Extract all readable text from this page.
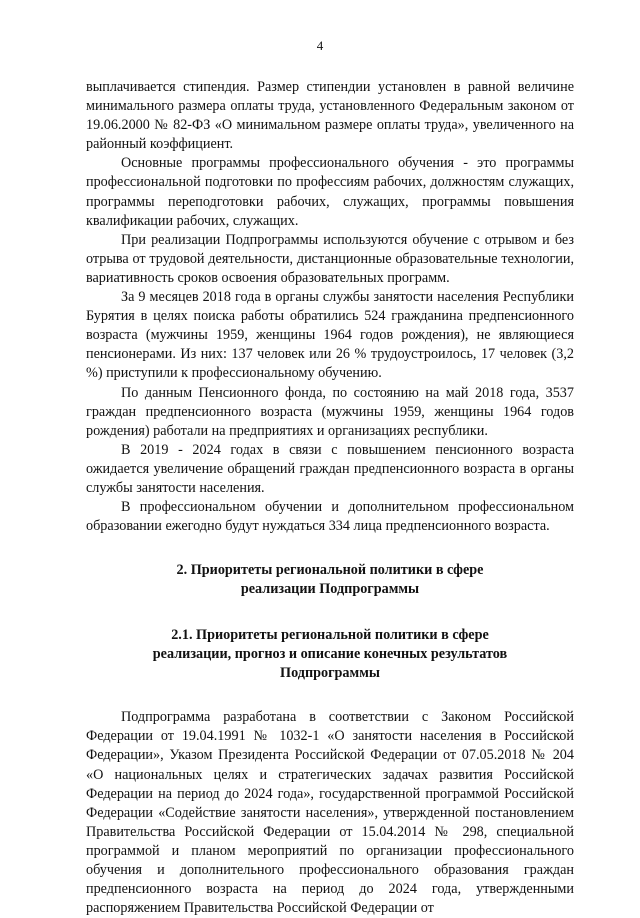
4

выплачивается стипендия. Размер стипендии установлен в равной величине минимального размера оплаты труда, установленного Федеральным законом от 19.06.2000 № 82-ФЗ «О минимальном размере оплаты труда», увеличенного на районный коэффициент.

Основные программы профессионального обучения - это программы профессиональной подготовки по профессиям рабочих, должностям служащих, программы переподготовки рабочих, служащих, программы повышения квалификации рабочих, служащих.

При реализации Подпрограммы используются обучение с отрывом и без отрыва от трудовой деятельности, дистанционные образовательные технологии, вариативность сроков освоения образовательных программ.

За 9 месяцев 2018 года в органы службы занятости населения Республики Бурятия в целях поиска работы обратились 524 гражданина предпенсионного возраста (мужчины 1959, женщины 1964 годов рождения), не являющиеся пенсионерами. Из них: 137 человек или 26 % трудоустроилось, 17 человек (3,2 %) приступили к профессиональному обучению.

По данным Пенсионного фонда, по состоянию на май 2018 года, 3537 граждан предпенсионного возраста (мужчины 1959, женщины 1964 годов рождения) работали на предприятиях и организациях республики.

В 2019 - 2024 годах в связи с повышением пенсионного возраста ожидается увеличение обращений граждан предпенсионного возраста в органы службы занятости населения.

В профессиональном обучении и дополнительном профессиональном образовании ежегодно будут нуждаться 334 лица предпенсионного возраста.

2. Приоритеты региональной политики в сфере
реализации Подпрограммы
2.1. Приоритеты региональной политики в сфере
реализации, прогноз и описание конечных результатов
Подпрограммы

Подпрограмма разработана в соответствии с Законом Российской Федерации от 19.04.1991 № 1032-1 «О занятости населения в Российской Федерации», Указом Президента Российской Федерации от 07.05.2018 № 204 «О национальных целях и стратегических задачах развития Российской Федерации на период до 2024 года», государственной программой Российской Федерации «Содействие занятости населения», утвержденной постановлением Правительства Российской Федерации от 15.04.2014 № 298, специальной программой и планом мероприятий по организации профессионального обучения и дополнительного профессионального образования граждан предпенсионного возраста на период до 2024 года, утвержденными распоряжением Правительства Российской Федерации от
